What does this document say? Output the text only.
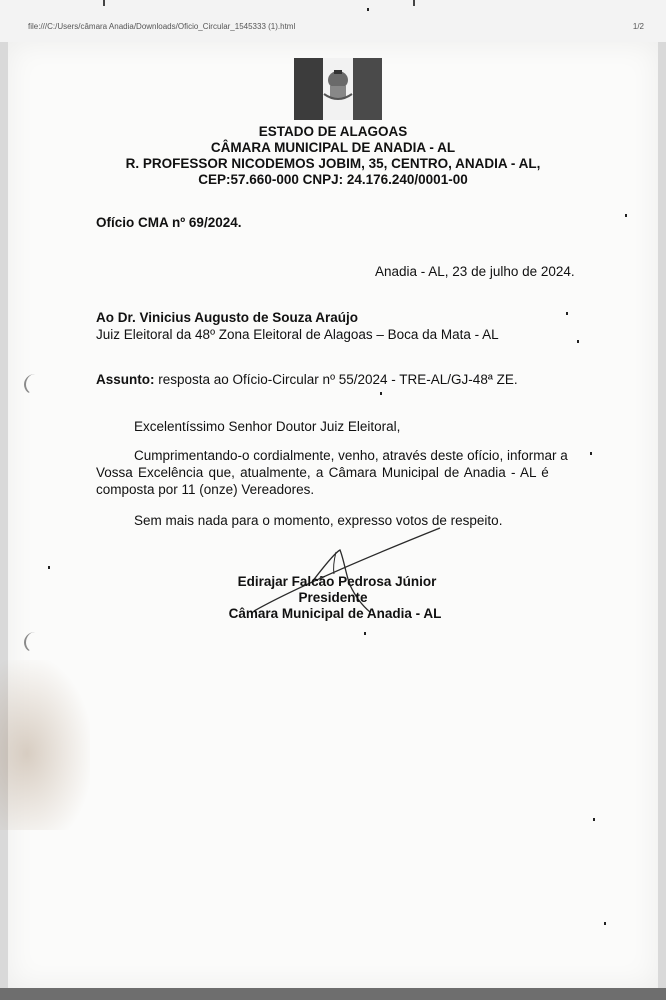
file:///C:/Users/câmara Anadia/Downloads/Oficio_Circular_1545333 (1).html	1/2
ESTADO DE ALAGOAS
CÂMARA MUNICIPAL DE ANADIA - AL
R. PROFESSOR NICODEMOS JOBIM, 35, CENTRO, ANADIA - AL,
CEP:57.660-000 CNPJ: 24.176.240/0001-00
Ofício CMA nº 69/2024.
Anadia - AL, 23 de julho de 2024.
Ao Dr. Vinicius Augusto de Souza Araújo
Juiz Eleitoral da 48º Zona Eleitoral de Alagoas – Boca da Mata - AL
Assunto: resposta ao Ofício-Circular nº 55/2024 - TRE-AL/GJ-48ª ZE.
Excelentíssimo Senhor Doutor Juiz Eleitoral,
Cumprimentando-o cordialmente, venho, através deste ofício, informar a
Vossa Excelência que, atualmente, a Câmara Municipal de Anadia - AL é
composta por 11 (onze) Vereadores.
Sem mais nada para o momento, expresso votos de respeito.
Edirajar Falcão Pedrosa Júnior
Presidente
Câmara Municipal de Anadia - AL
